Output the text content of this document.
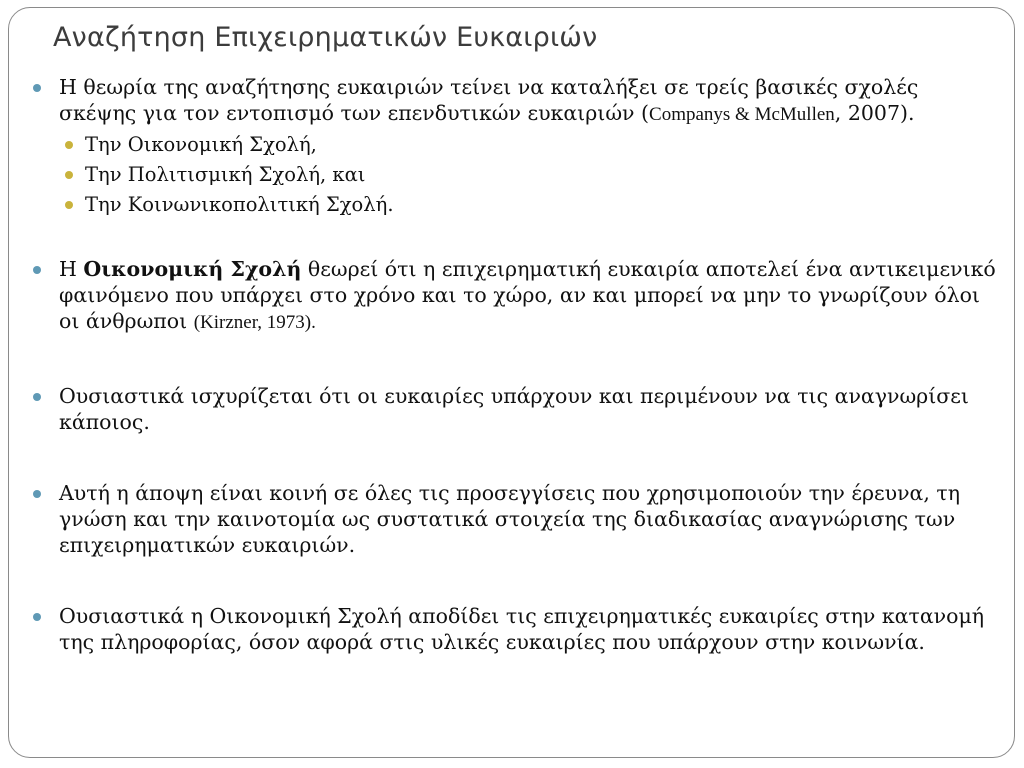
Αναζήτηση Επιχειρηματικών Ευκαιριών
Η θεωρία της αναζήτησης ευκαιριών τείνει να καταλήξει σε τρείς βασικές σχολές σκέψης για τον εντοπισμό των επενδυτικών ευκαιριών (Companys & McMullen, 2007).
Την Οικονομική Σχολή,
Την Πολιτισμική Σχολή, και
Την Κοινωνικοπολιτική Σχολή.
Η Οικονομική Σχολή θεωρεί ότι η επιχειρηματική ευκαιρία αποτελεί ένα αντικειμενικό φαινόμενο που υπάρχει στο χρόνο και το χώρο, αν και μπορεί να μην το γνωρίζουν όλοι οι άνθρωποι (Kirzner, 1973).
Ουσιαστικά ισχυρίζεται ότι οι ευκαιρίες υπάρχουν και περιμένουν να τις αναγνωρίσει κάποιος.
Αυτή η άποψη είναι κοινή σε όλες τις προσεγγίσεις που χρησιμοποιούν την έρευνα, τη γνώση και την καινοτομία ως συστατικά στοιχεία της διαδικασίας αναγνώρισης των επιχειρηματικών ευκαιριών.
Ουσιαστικά η Οικονομική Σχολή αποδίδει τις επιχειρηματικές ευκαιρίες στην κατανομή της πληροφορίας, όσον αφορά στις υλικές ευκαιρίες που υπάρχουν στην κοινωνία.
